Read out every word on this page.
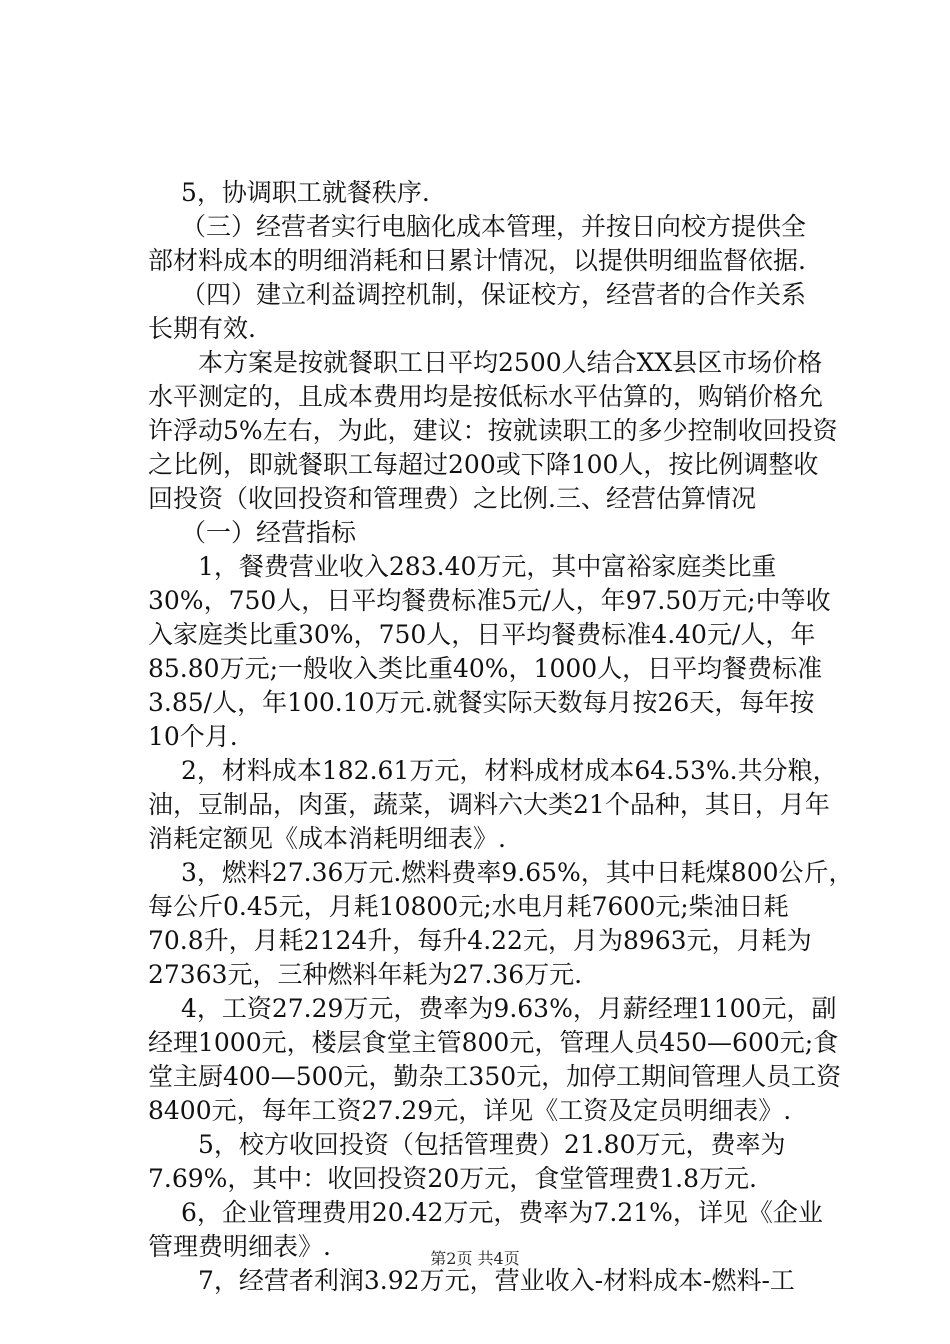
　 5，协调职工就餐秩序.
　 （三）经营者实行电脑化成本管理，并按日向校方提供全
部材料成本的明细消耗和日累计情况，以提供明细监督依据.
　 （四）建立利益调控机制，保证校方，经营者的合作关系
长期有效.
　　本方案是按就餐职工日平均2500人结合XX县区市场价格
水平测定的，且成本费用均是按低标水平估算的，购销价格允
许浮动5%左右，为此，建议：按就读职工的多少控制收回投资
之比例，即就餐职工每超过200或下降100人，按比例调整收
回投资（收回投资和管理费）之比例.三、经营估算情况
　 （一）经营指标
　　1，餐费营业收入283.40万元，其中富裕家庭类比重
30%，750人，日平均餐费标准5元/人，年97.50万元;中等收
入家庭类比重30%，750人，日平均餐费标准4.40元/人，年
85.80万元;一般收入类比重40%，1000人，日平均餐费标准
3.85/人，年100.10万元.就餐实际天数每月按26天，每年按
10个月.
　 2，材料成本182.61万元，材料成材成本64.53%.共分粮，
油，豆制品，肉蛋，蔬菜，调料六大类21个品种，其日，月年
消耗定额见《成本消耗明细表》.
　 3，燃料27.36万元.燃料费率9.65%，其中日耗煤800公斤，
每公斤0.45元，月耗10800元;水电月耗7600元;柴油日耗
70.8升，月耗2124升，每升4.22元，月为8963元，月耗为
27363元，三种燃料年耗为27.36万元.
　 4，工资27.29万元，费率为9.63%，月薪经理1100元，副
经理1000元，楼层食堂主管800元，管理人员450—600元;食
堂主厨400—500元，勤杂工350元，加停工期间管理人员工资
8400元，每年工资27.29元，详见《工资及定员明细表》.
　　5，校方收回投资（包括管理费）21.80万元，费率为
7.69%，其中：收回投资20万元，食堂管理费1.8万元.
　 6，企业管理费用20.42万元，费率为7.21%，详见《企业
管理费明细表》.
　　7，经营者利润3.92万元，营业收入-材料成本-燃料-工
第2页 共4页
